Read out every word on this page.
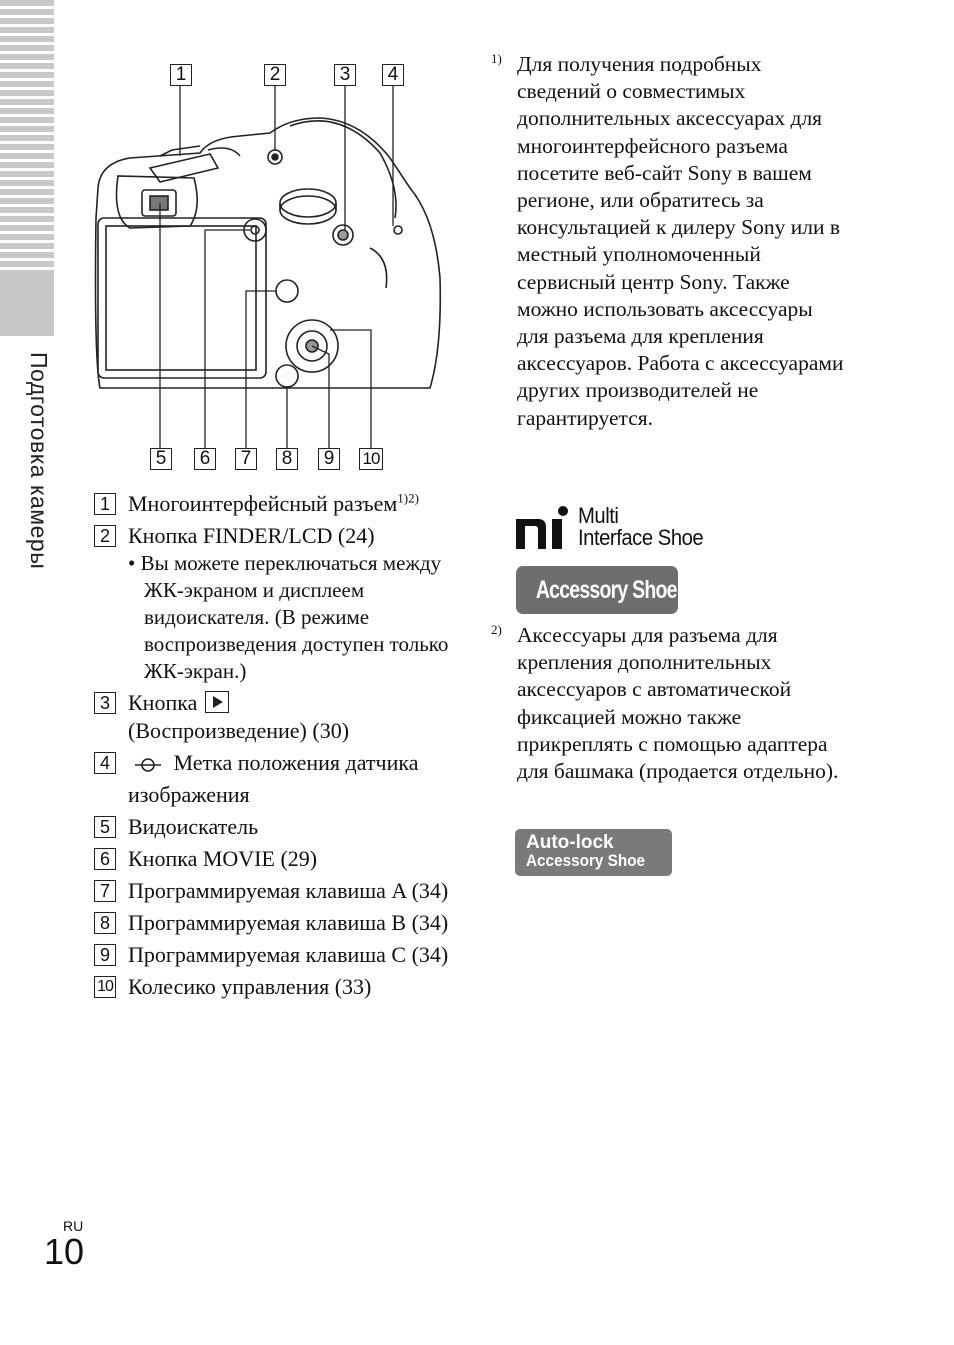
Подготовка камеры
1	2	3	4
5	6	7	8	9	10
1 Многоинтерфейсный разъем$^{1)2)}$
2 Кнопка FINDER/LCD (24)
• Вы можете переключаться между ЖК-экраном и дисплеем видоискателя. (В режиме воспроизведения доступен только ЖК-экран.)
3 Кнопка
(Воспроизведение) (30)
4	Метка положения датчика изображения
5 Видоискатель
6 Кнопка MOVIE (29)
7 Программируемая клавиша A (34)
8 Программируемая клавиша B (34)
9 Программируемая клавиша C (34)
10 Колесико управления (33)
1) Для получения подробных сведений о совместимых дополнительных аксессуарах для многоинтерфейсного разъема посетите веб-сайт Sony в вашем регионе, или обратитесь за консультацией к дилеру Sony или в местный уполномоченный сервисный центр Sony. Также можно использовать аксессуары для разъема для крепления аксессуаров. Работа с аксессуарами других производителей не гарантируется.
Multi
Interface Shoe
Accessory Shoe
2) Аксессуары для разъема для крепления дополнительных аксессуаров с автоматической фиксацией можно также прикреплять с помощью адаптера для башмака (продается отдельно).
Auto-lock
Accessory Shoe
RU
10
